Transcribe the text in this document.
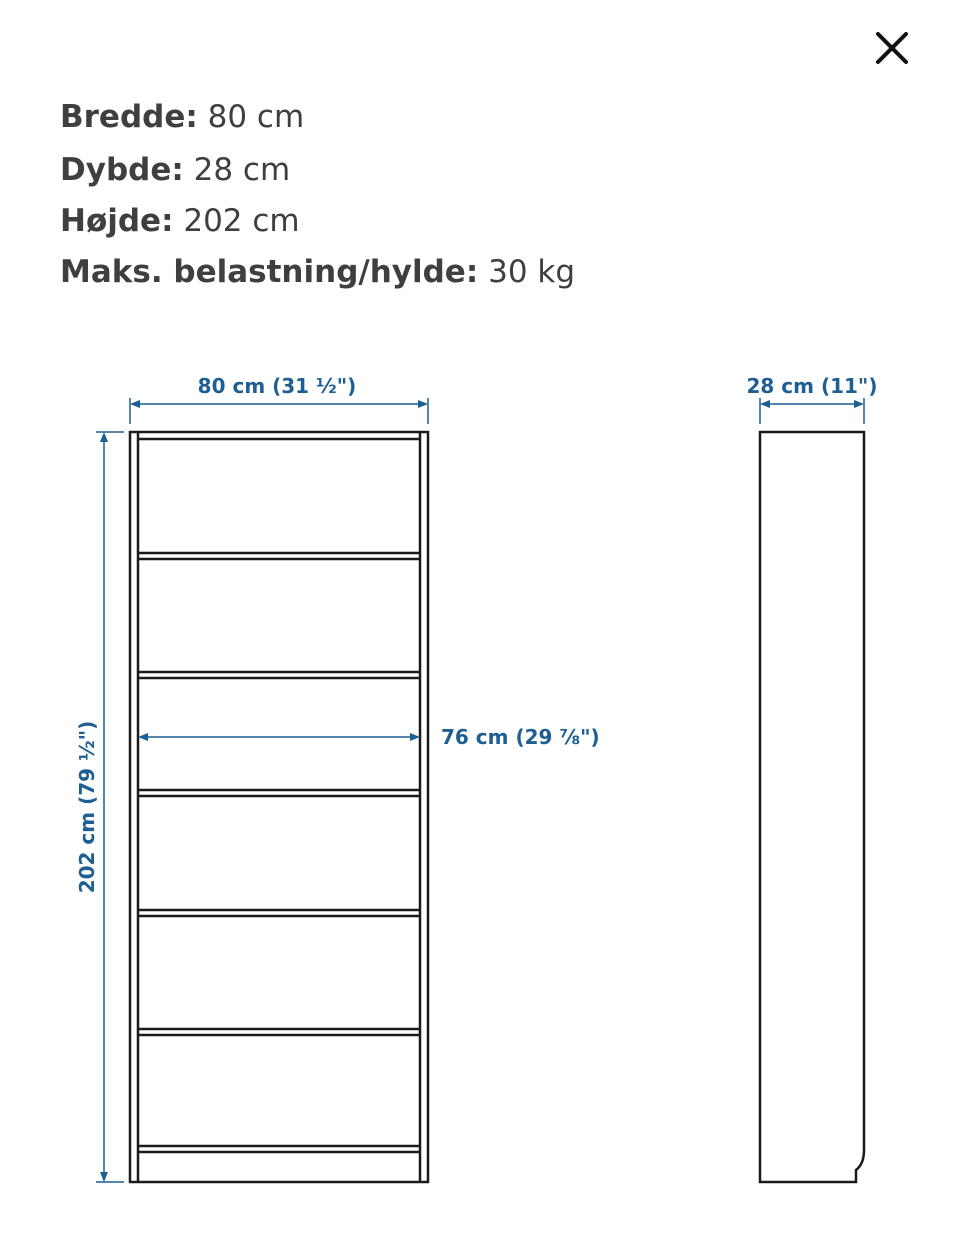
Bredde: 80 cm
Dybde: 28 cm
Højde: 202 cm
Maks. belastning/hylde: 30 kg
80 cm (31 ½")	28 cm (11")
202 cm (79 ½")	76 cm (29 ⅞")
